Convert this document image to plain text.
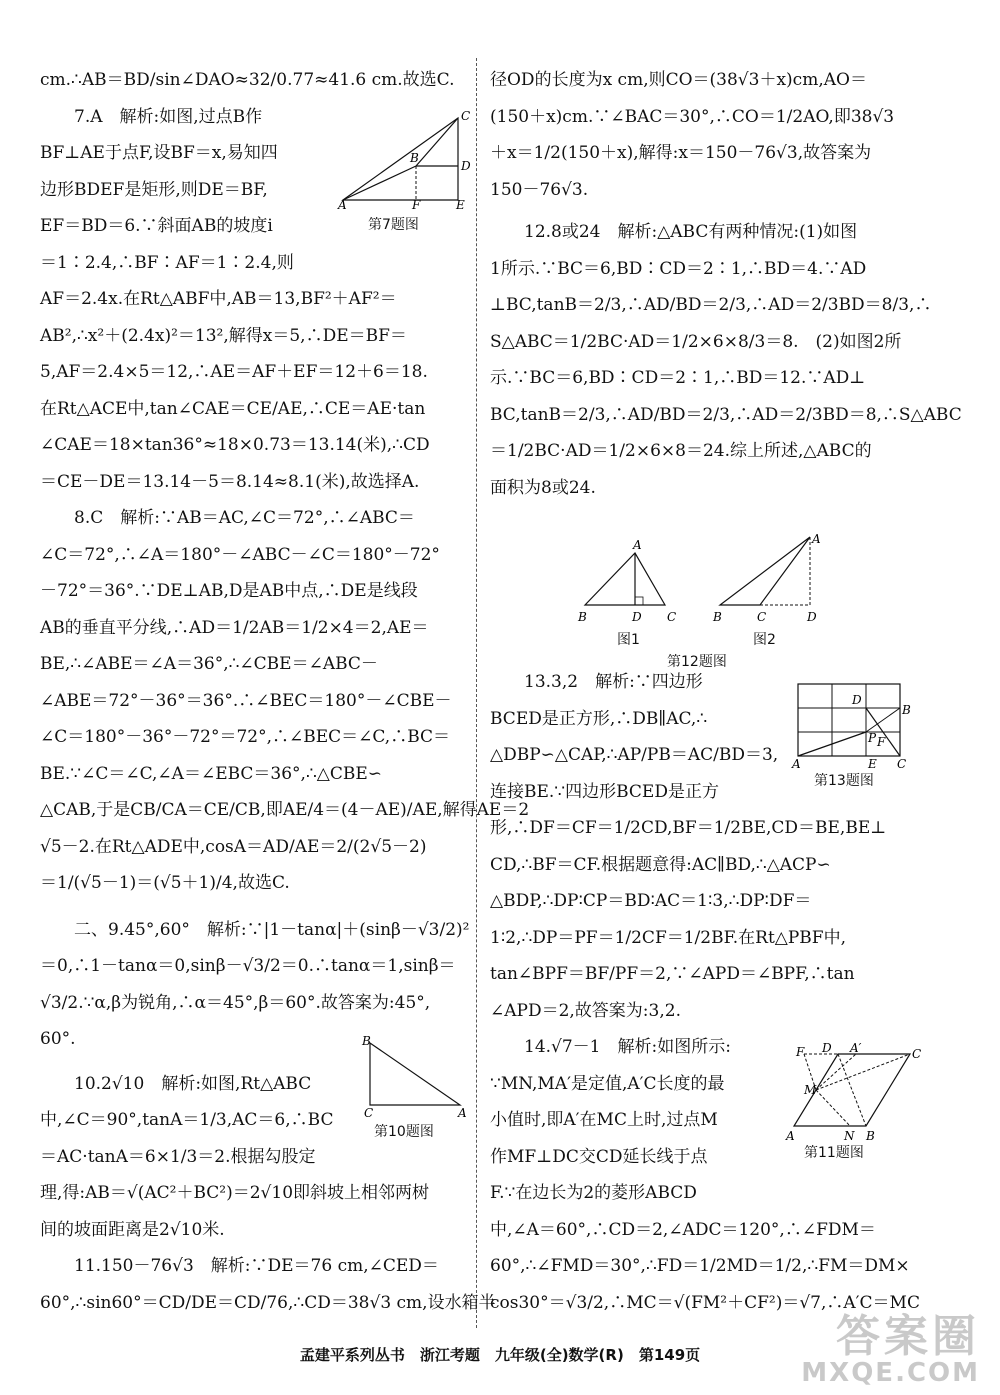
cm.∴AB＝BD/sin∠DAO≈32/0.77≈41.6 cm.故选C.
7.A　解析:如图,过点B作
BF⊥AE于点F,设BF＝x,易知四
边形BDEF是矩形,则DE＝BF,
EF＝BD＝6.∵斜面AB的坡度i
＝1∶2.4,∴BF∶AF＝1∶2.4,则
AF＝2.4x.在Rt△ABF中,AB＝13,BF²＋AF²＝
AB²,∴x²＋(2.4x)²＝13²,解得x＝5,∴DE＝BF＝
5,AF＝2.4×5＝12,∴AE＝AF＋EF＝12＋6＝18.
在Rt△ACE中,tan∠CAE＝CE/AE,∴CE＝AE·tan
∠CAE＝18×tan36°≈18×0.73＝13.14(米),∴CD
＝CE－DE＝13.14－5＝8.14≈8.1(米),故选择A.
8.C　解析:∵AB＝AC,∠C＝72°,∴∠ABC＝
∠C＝72°,∴∠A＝180°－∠ABC－∠C＝180°－72°
－72°＝36°.∵DE⊥AB,D是AB中点,∴DE是线段
AB的垂直平分线,∴AD＝1/2AB＝1/2×4＝2,AE＝
BE,∴∠ABE＝∠A＝36°,∴∠CBE＝∠ABC－
∠ABE＝72°－36°＝36°.∴∠BEC＝180°－∠CBE－
∠C＝180°－36°－72°＝72°,∴∠BEC＝∠C,∴BC＝
BE.∵∠C＝∠C,∠A＝∠EBC＝36°,∴△CBE∽
△CAB,于是CB/CA＝CE/CB,即AE/4＝(4－AE)/AE,解得AE＝2
√5－2.在Rt△ADE中,cosA＝AD/AE＝2/(2√5－2)
＝1/(√5－1)＝(√5＋1)/4,故选C.
二、9.45°,60°　解析:∵|1－tanα|＋(sinβ－√3/2)²
＝0,∴1－tanα＝0,sinβ－√3/2＝0.∴tanα＝1,sinβ＝
√3/2.∵α,β为锐角,∴α＝45°,β＝60°.故答案为:45°,
60°.
10.2√10　解析:如图,Rt△ABC
中,∠C＝90°,tanA＝1/3,AC＝6,∴BC
＝AC·tanA＝6×1/3＝2.根据勾股定
理,得:AB＝√(AC²＋BC²)＝2√10即斜坡上相邻两树
间的坡面距离是2√10米.
11.150－76√3　解析:∵DE＝76 cm,∠CED＝
60°,∴sin60°＝CD/DE＝CD/76,∴CD＝38√3 cm,设水箱半
径OD的长度为x cm,则CO＝(38√3＋x)cm,AO＝
(150＋x)cm.∵∠BAC＝30°,∴CO＝1/2AO,即38√3
＋x＝1/2(150＋x),解得:x＝150－76√3,故答案为
150－76√3.
12.8或24　解析:△ABC有两种情况:(1)如图
1所示.∵BC＝6,BD∶CD＝2∶1,∴BD＝4.∵AD
⊥BC,tanB＝2/3,∴AD/BD＝2/3,∴AD＝2/3BD＝8/3,∴
S△ABC＝1/2BC·AD＝1/2×6×8/3＝8.　(2)如图2所
示.∵BC＝6,BD∶CD＝2∶1,∴BD＝12.∵AD⊥
BC,tanB＝2/3,∴AD/BD＝2/3,∴AD＝2/3BD＝8,∴S△ABC
＝1/2BC·AD＝1/2×6×8＝24.综上所述,△ABC的
面积为8或24.
13.3,2　解析:∵四边形
BCED是正方形,∴DB∥AC,∴
△DBP∽△CAP,∴AP/PB＝AC/BD＝3,
连接BE.∵四边形BCED是正方
形,∴DF＝CF＝1/2CD,BF＝1/2BE,CD＝BE,BE⊥
CD,∴BF＝CF.根据题意得:AC∥BD,∴△ACP∽
△BDP,∴DP∶CP＝BD∶AC＝1∶3,∴DP∶DF＝
1∶2,∴DP＝PF＝1/2CF＝1/2BF.在Rt△PBF中,
tan∠BPF＝BF/PF＝2,∵∠APD＝∠BPF,∴tan
∠APD＝2,故答案为:3,2.
14.√7－1　解析:如图所示:
∵MN,MA′是定值,A′C长度的最
小值时,即A′在MC上时,过点M
作MF⊥DC交CD延长线于点
F.∵在边长为2的菱形ABCD
中,∠A＝60°,∴CD＝2,∠ADC＝120°,∴∠FDM＝
60°,∴∠FMD＝30°,∴FD＝1/2MD＝1/2,∴FM＝DM×
cos30°＝√3/2,∴MC＝√(FM²＋CF²)＝√7,∴A′C＝MC
A
B
C
D
E
F
第7题图
B
C	A
第10题图
A
B	D C
A
B	C	D
图1	图2
第12题图
D
B
P F
A	E C
第13题图
F D A′	C
M
A	N B
第11题图
孟建平系列丛书　浙江考题　九年级(全)数学(R)　第149页	答案圈
MXQE.COM
